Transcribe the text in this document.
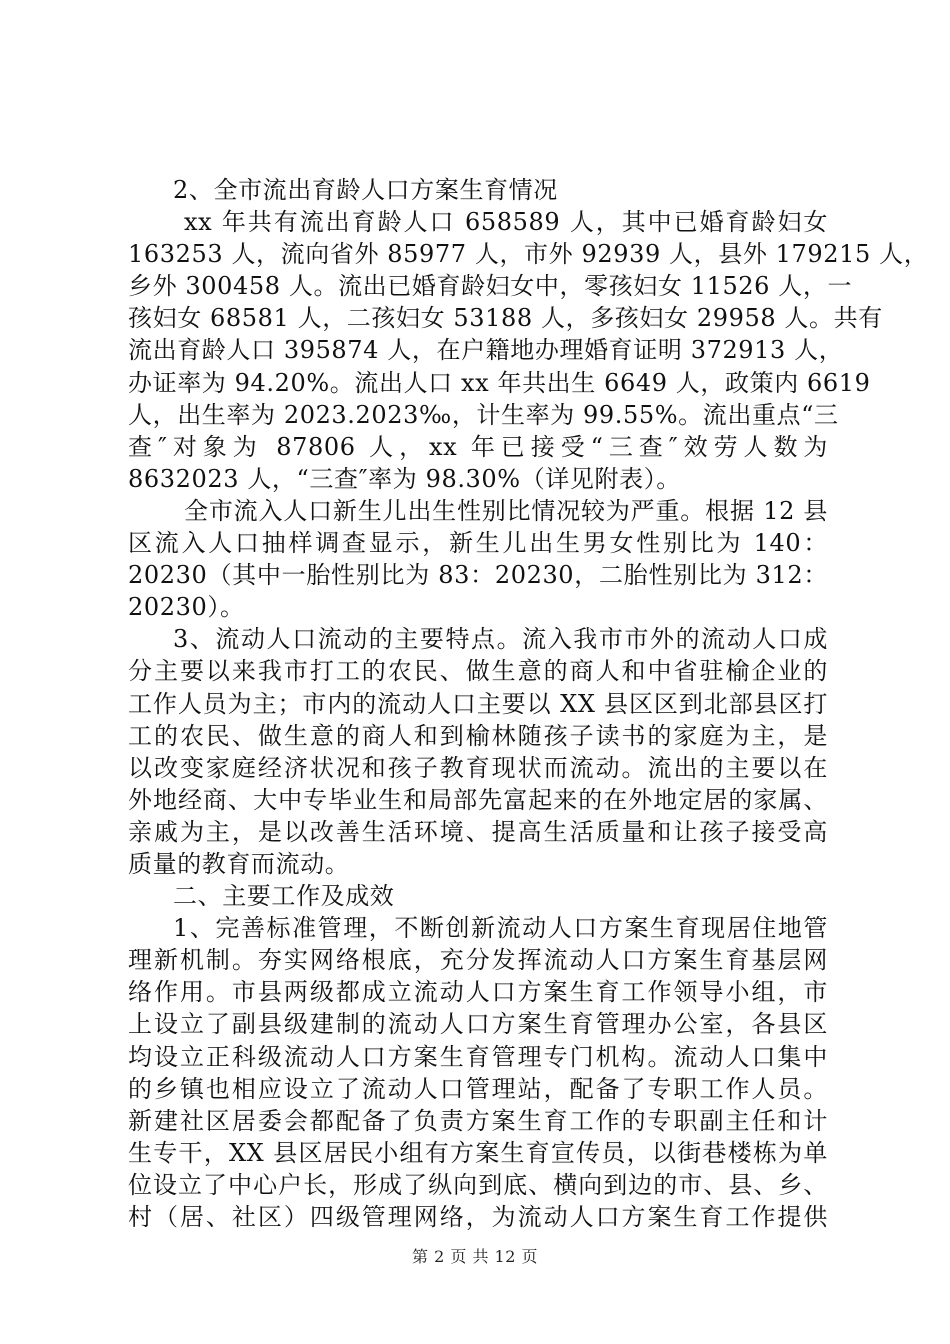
2、全市流出育龄人口方案生育情况
xx 年共有流出育龄人口 658589 人，其中已婚育龄妇女
163253 人，流向省外 85977 人，市外 92939 人，县外 179215 人，
乡外 300458 人。流出已婚育龄妇女中，零孩妇女 11526 人，一
孩妇女 68581 人，二孩妇女 53188 人，多孩妇女 29958 人。共有
流出育龄人口 395874 人，在户籍地办理婚育证明 372913 人，
办证率为 94.20%。流出人口 xx 年共出生 6649 人，政策内 6619
人，出生率为 2023.2023‰，计生率为 99.55%。流出重点“三
查″对象为 87806 人，xx 年已接受“三查″效劳人数为
8632023 人，“三查″率为 98.30%（详见附表）。
全市流入人口新生儿出生性别比情况较为严重。根据 12 县
区流入人口抽样调查显示，新生儿出生男女性别比为 140：
20230（其中一胎性别比为 83：20230，二胎性别比为 312：
20230）。
3、流动人口流动的主要特点。流入我市市外的流动人口成
分主要以来我市打工的农民、做生意的商人和中省驻榆企业的
工作人员为主；市内的流动人口主要以 XX 县区区到北部县区打
工的农民、做生意的商人和到榆林随孩子读书的家庭为主，是
以改变家庭经济状况和孩子教育现状而流动。流出的主要以在
外地经商、大中专毕业生和局部先富起来的在外地定居的家属、
亲戚为主，是以改善生活环境、提高生活质量和让孩子接受高
质量的教育而流动。
二、主要工作及成效
1、完善标准管理，不断创新流动人口方案生育现居住地管
理新机制。夯实网络根底，充分发挥流动人口方案生育基层网
络作用。市县两级都成立流动人口方案生育工作领导小组，市
上设立了副县级建制的流动人口方案生育管理办公室，各县区
均设立正科级流动人口方案生育管理专门机构。流动人口集中
的乡镇也相应设立了流动人口管理站，配备了专职工作人员。
新建社区居委会都配备了负责方案生育工作的专职副主任和计
生专干，XX 县区居民小组有方案生育宣传员，以街巷楼栋为单
位设立了中心户长，形成了纵向到底、横向到边的市、县、乡、
村（居、社区）四级管理网络，为流动人口方案生育工作提供
第 2 页 共 12 页
